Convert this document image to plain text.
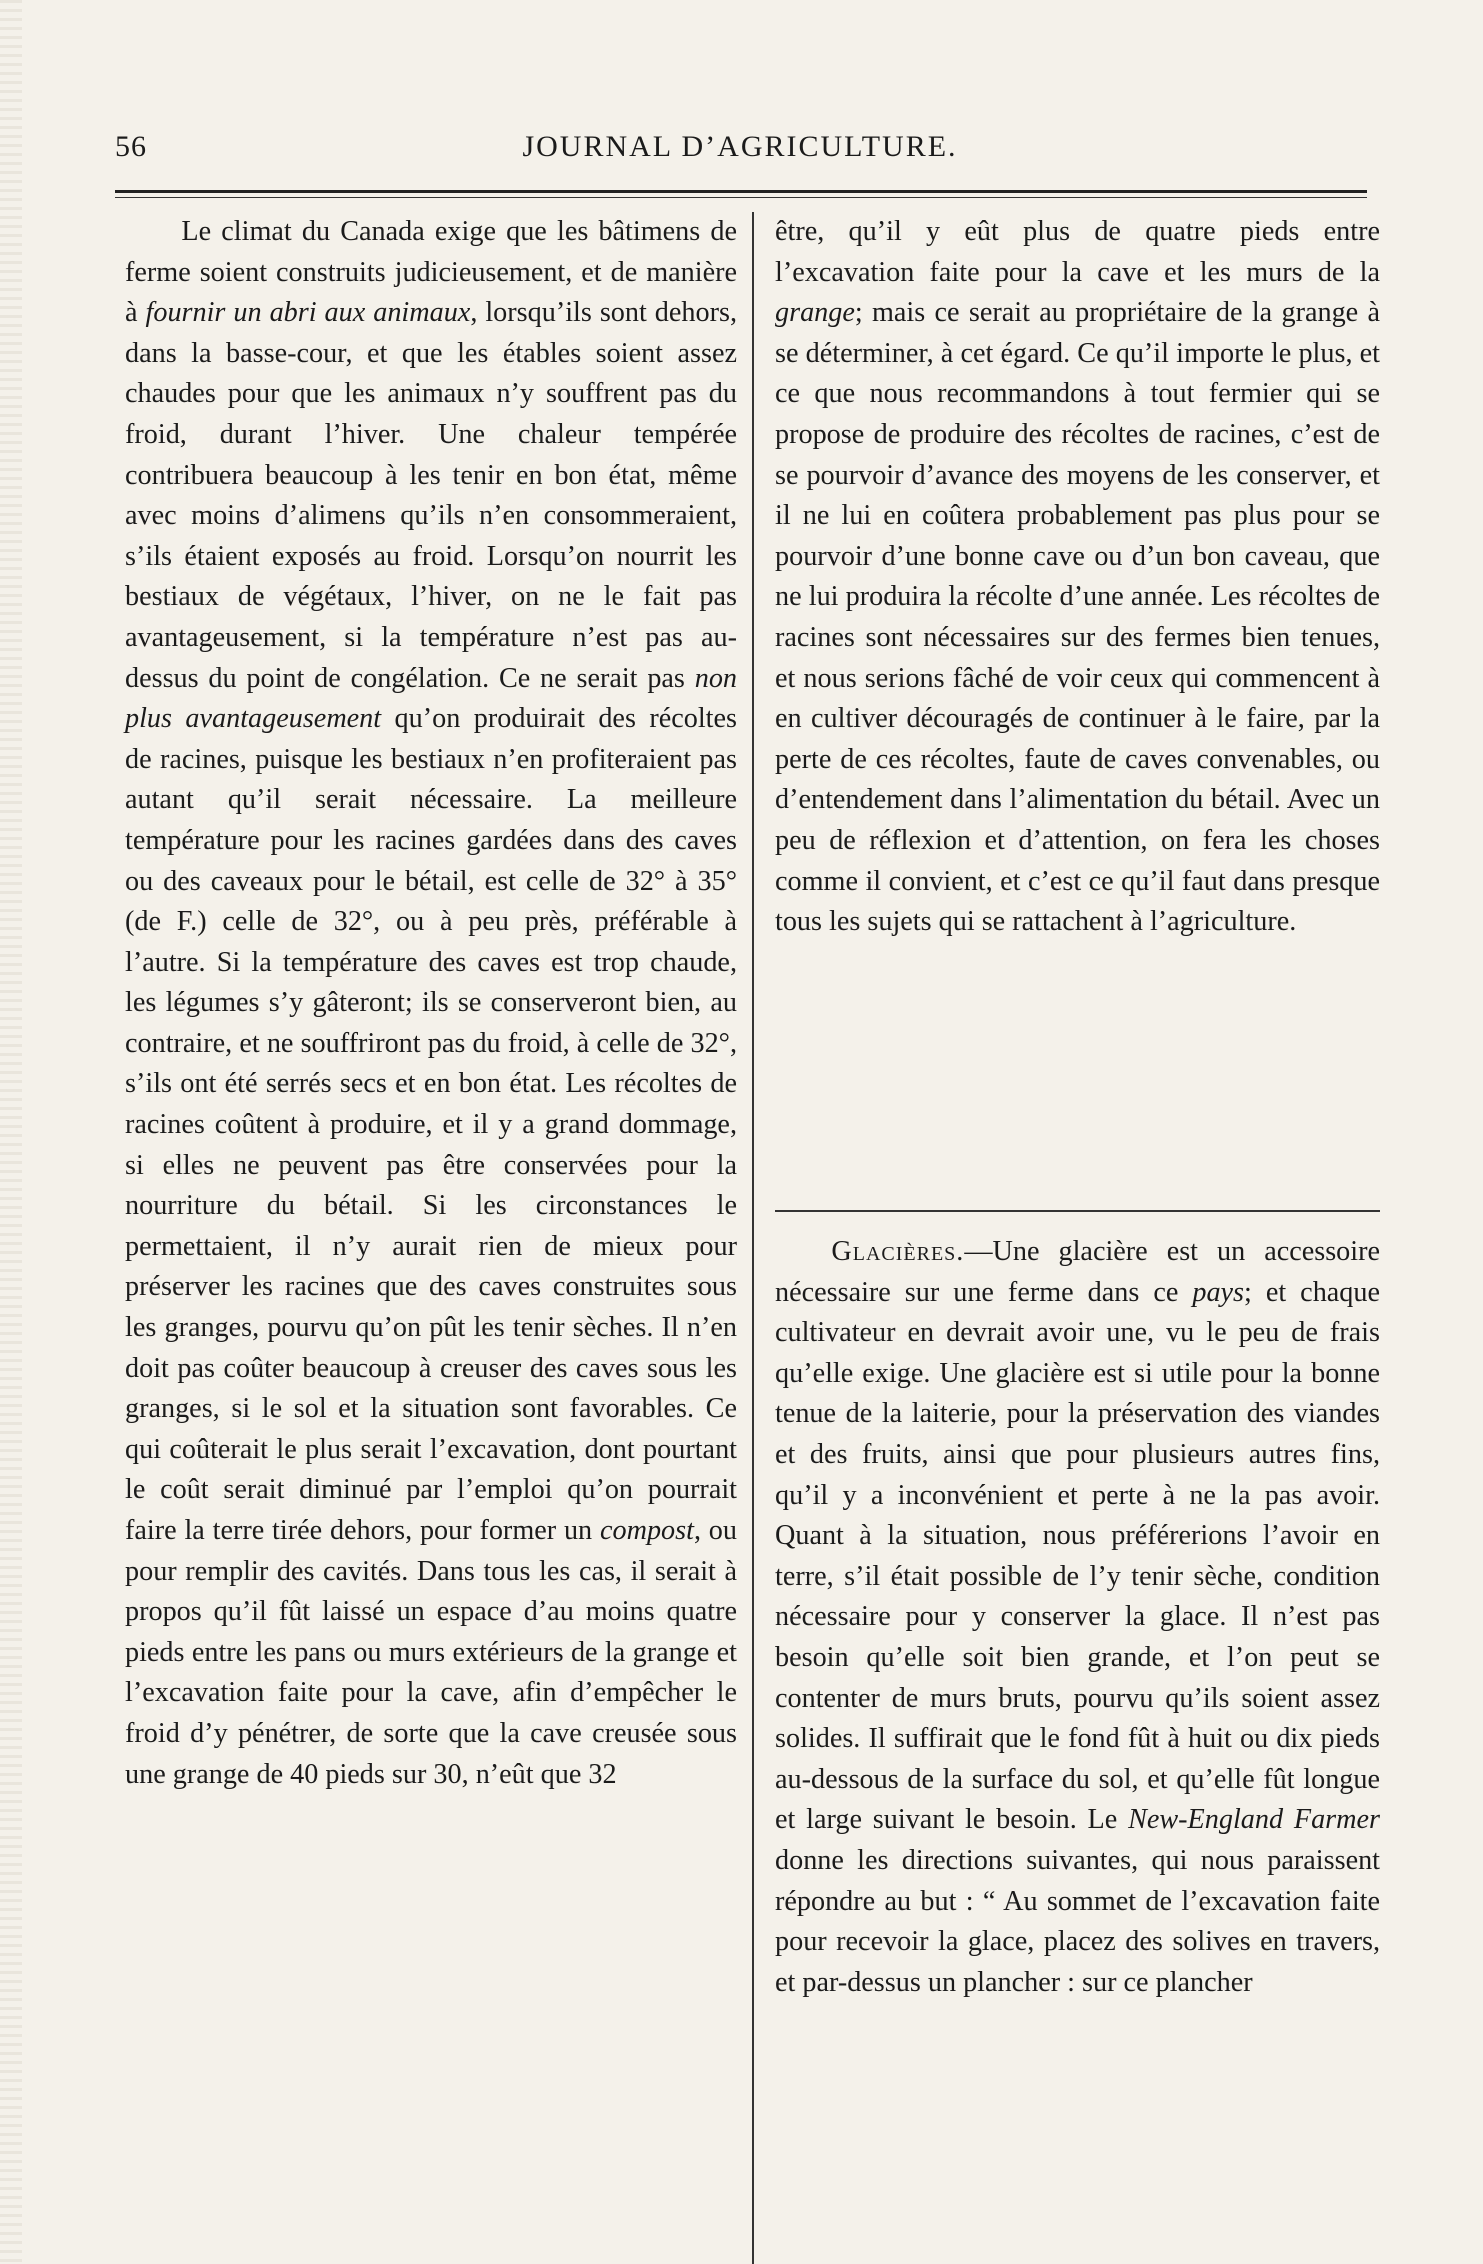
56	JOURNAL D’AGRICULTURE.

Le climat du Canada exige que les bâtimens de ferme soient construits judicieusement, et de manière à fournir un abri aux animaux, lorsqu’ils sont dehors, dans la basse-cour, et que les étables soient assez chaudes pour que les animaux n’y souffrent pas du froid, durant l’hiver. Une chaleur tempérée contribuera beaucoup à les tenir en bon état, même avec moins d’alimens qu’ils n’en consommeraient, s’ils étaient exposés au froid. Lorsqu’on nourrit les bestiaux de végétaux, l’hiver, on ne le fait pas avantageusement, si la température n’est pas au-dessus du point de congélation. Ce ne serait pas non plus avantageusement qu’on produirait des récoltes de racines, puisque les bestiaux n’en profiteraient pas autant qu’il serait nécessaire. La meilleure température pour les racines gardées dans des caves ou des caveaux pour le bétail, est celle de 32° à 35° (de F.) celle de 32°, ou à peu près, préférable à l’autre. Si la température des caves est trop chaude, les légumes s’y gâteront; ils se conserveront bien, au contraire, et ne souffriront pas du froid, à celle de 32°, s’ils ont été serrés secs et en bon état. Les récoltes de racines coûtent à produire, et il y a grand dommage, si elles ne peuvent pas être conservées pour la nourriture du bétail. Si les circonstances le permettaient, il n’y aurait rien de mieux pour préserver les racines que des caves construites sous les granges, pourvu qu’on pût les tenir sèches. Il n’en doit pas coûter beaucoup à creuser des caves sous les granges, si le sol et la situation sont favorables. Ce qui coûterait le plus serait l’excavation, dont pourtant le coût serait diminué par l’emploi qu’on pourrait faire la terre tirée dehors, pour former un compost, ou pour remplir des cavités. Dans tous les cas, il serait à propos qu’il fût laissé un espace d’au moins quatre pieds entre les pans ou murs extérieurs de la grange et l’excavation faite pour la cave, afin d’empêcher le froid d’y pénétrer, de sorte que la cave creusée sous une grange de 40 pieds sur 30, n’eût que 32

être, qu’il y eût plus de quatre pieds entre l’excavation faite pour la cave et les murs de la grange; mais ce serait au propriétaire de la grange à se déterminer, à cet égard. Ce qu’il importe le plus, et ce que nous recommandons à tout fermier qui se propose de produire des récoltes de racines, c’est de se pourvoir d’avance des moyens de les conserver, et il ne lui en coûtera probablement pas plus pour se pourvoir d’une bonne cave ou d’un bon caveau, que ne lui produira la récolte d’une année. Les récoltes de racines sont nécessaires sur des fermes bien tenues, et nous serions fâché de voir ceux qui commencent à en cultiver découragés de continuer à le faire, par la perte de ces récoltes, faute de caves convenables, ou d’entendement dans l’alimentation du bétail. Avec un peu de réflexion et d’attention, on fera les choses comme il convient, et c’est ce qu’il faut dans presque tous les sujets qui se rattachent à l’agriculture.

Glacières.—Une glacière est un accessoire nécessaire sur une ferme dans ce pays; et chaque cultivateur en devrait avoir une, vu le peu de frais qu’elle exige. Une glacière est si utile pour la bonne tenue de la laiterie, pour la préservation des viandes et des fruits, ainsi que pour plusieurs autres fins, qu’il y a inconvénient et perte à ne la pas avoir. Quant à la situation, nous préférerions l’avoir en terre, s’il était possible de l’y tenir sèche, condition nécessaire pour y conserver la glace. Il n’est pas besoin qu’elle soit bien grande, et l’on peut se contenter de murs bruts, pourvu qu’ils soient assez solides. Il suffirait que le fond fût à huit ou dix pieds au-dessous de la surface du sol, et qu’elle fût longue et large suivant le besoin. Le New-England Farmer donne les directions suivantes, qui nous paraissent répondre au but : “ Au sommet de l’excavation faite pour recevoir la glace, placez des solives en travers, et par-dessus un plancher : sur ce plancher
